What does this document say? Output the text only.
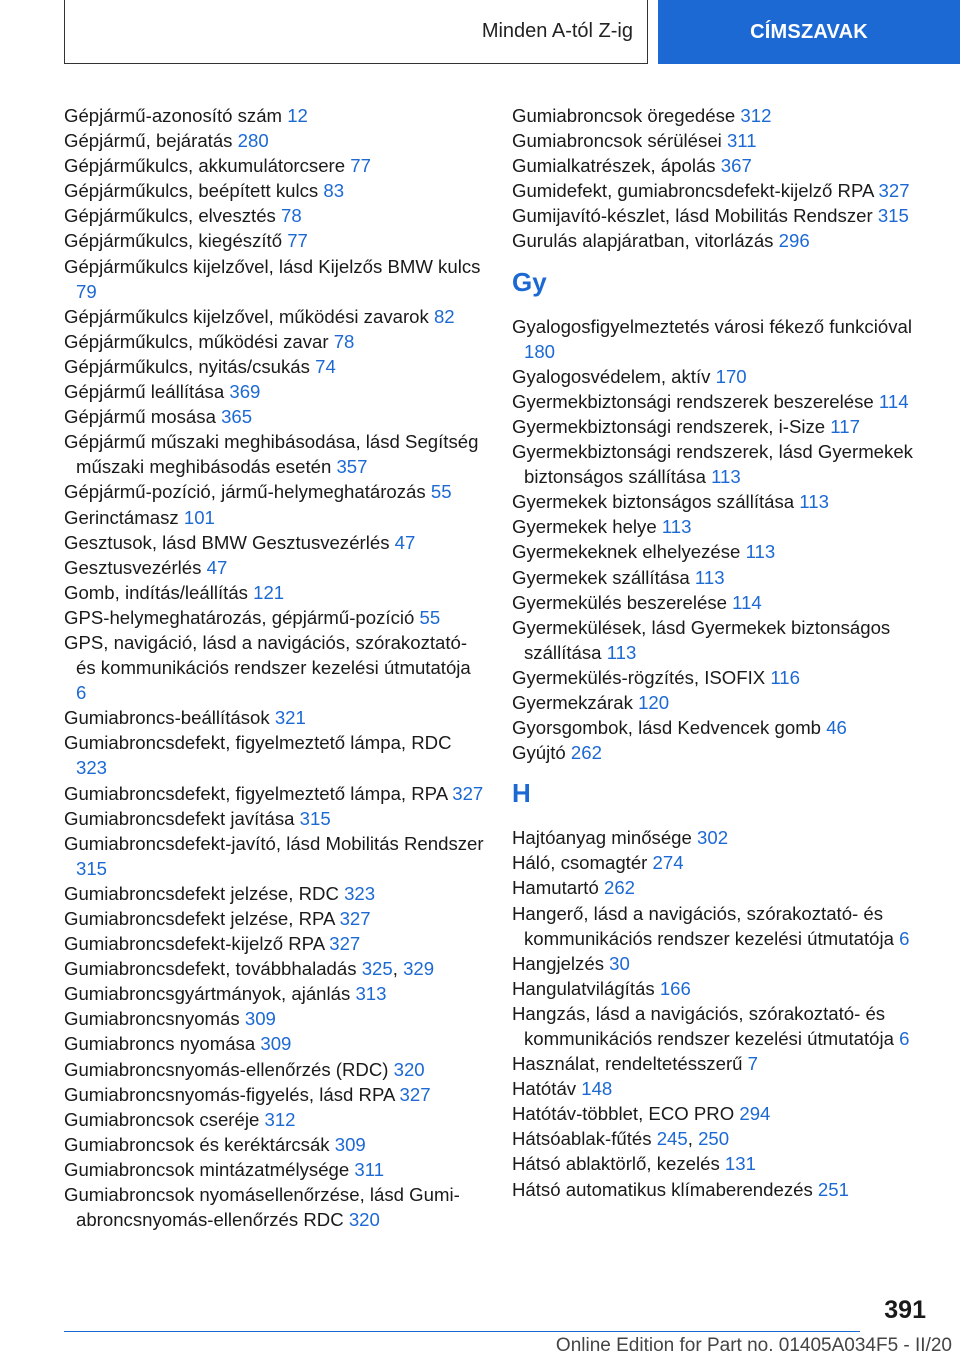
Minden A-tól Z-ig	CÍMSZAVAK
Gépjármű-azonosító szám 12
Gépjármű, bejáratás 280
Gépjárműkulcs, akkumulátorcsere 77
Gépjárműkulcs, beépített kulcs 83
Gépjárműkulcs, elvesztés 78
Gépjárműkulcs, kiegészítő 77
Gépjárműkulcs kijelzővel, lásd Kijelzős BMW kulcs 79
Gépjárműkulcs kijelzővel, működési zavarok 82
Gépjárműkulcs, működési zavar 78
Gépjárműkulcs, nyitás/csukás 74
Gépjármű leállítása 369
Gépjármű mosása 365
Gépjármű műszaki meghibásodása, lásd Segítség műszaki meghibásodás esetén 357
Gépjármű-pozíció, jármű-helymeghatározás 55
Gerinctámasz 101
Gesztusok, lásd BMW Gesztusvezérlés 47
Gesztusvezérlés 47
Gomb, indítás/leállítás 121
GPS-helymeghatározás, gépjármű-pozíció 55
GPS, navigáció, lásd a navigációs, szórakoztató- és kommunikációs rendszer kezelési útmutatója 6
Gumiabroncs-beállítások 321
Gumiabroncsdefekt, figyelmeztető lámpa, RDC 323
Gumiabroncsdefekt, figyelmeztető lámpa, RPA 327
Gumiabroncsdefekt javítása 315
Gumiabroncsdefekt-javító, lásd Mobilitás Rendszer 315
Gumiabroncsdefekt jelzése, RDC 323
Gumiabroncsdefekt jelzése, RPA 327
Gumiabroncsdefekt-kijelző RPA 327
Gumiabroncsdefekt, továbbhaladás 325, 329
Gumiabroncsgyártmányok, ajánlás 313
Gumiabroncsnyomás 309
Gumiabroncs nyomása 309
Gumiabroncsnyomás-ellenőrzés (RDC) 320
Gumiabroncsnyomás-figyelés, lásd RPA 327
Gumiabroncsok cseréje 312
Gumiabroncsok és keréktárcsák 309
Gumiabroncsok mintázatmélysége 311
Gumiabroncsok nyomásellenőrzése, lásd Gumiabroncsnyomás-ellenőrzés RDC 320
Gumiabroncsok öregedése 312
Gumiabroncsok sérülései 311
Gumialkatrészek, ápolás 367
Gumidefekt, gumiabroncsdefekt-kijelző RPA 327
Gumijavító-készlet, lásd Mobilitás Rendszer 315
Gurulás alapjáratban, vitorlázás 296
Gy
Gyalogosfigyelmeztetés városi fékező funkcióval 180
Gyalogosvédelem, aktív 170
Gyermekbiztonsági rendszerek beszerelése 114
Gyermekbiztonsági rendszerek, i-Size 117
Gyermekbiztonsági rendszerek, lásd Gyermekek biztonságos szállítása 113
Gyermekek biztonságos szállítása 113
Gyermekek helye 113
Gyermekeknek elhelyezése 113
Gyermekek szállítása 113
Gyermekülés beszerelése 114
Gyermekülések, lásd Gyermekek biztonságos szállítása 113
Gyermekülés-rögzítés, ISOFIX 116
Gyermekzárak 120
Gyorsgombok, lásd Kedvencek gomb 46
Gyújtó 262
H
Hajtóanyag minősége 302
Háló, csomagtér 274
Hamutartó 262
Hangerő, lásd a navigációs, szórakoztató- és kommunikációs rendszer kezelési útmutatója 6
Hangjelzés 30
Hangulatvilágítás 166
Hangzás, lásd a navigációs, szórakoztató- és kommunikációs rendszer kezelési útmutatója 6
Használat, rendeltetésszerű 7
Hatótáv 148
Hatótáv-többlet, ECO PRO 294
Hátsóablak-fűtés 245, 250
Hátsó ablaktörlő, kezelés 131
Hátsó automatikus klímaberendezés 251
391
Online Edition for Part no. 01405A034F5 - II/20
